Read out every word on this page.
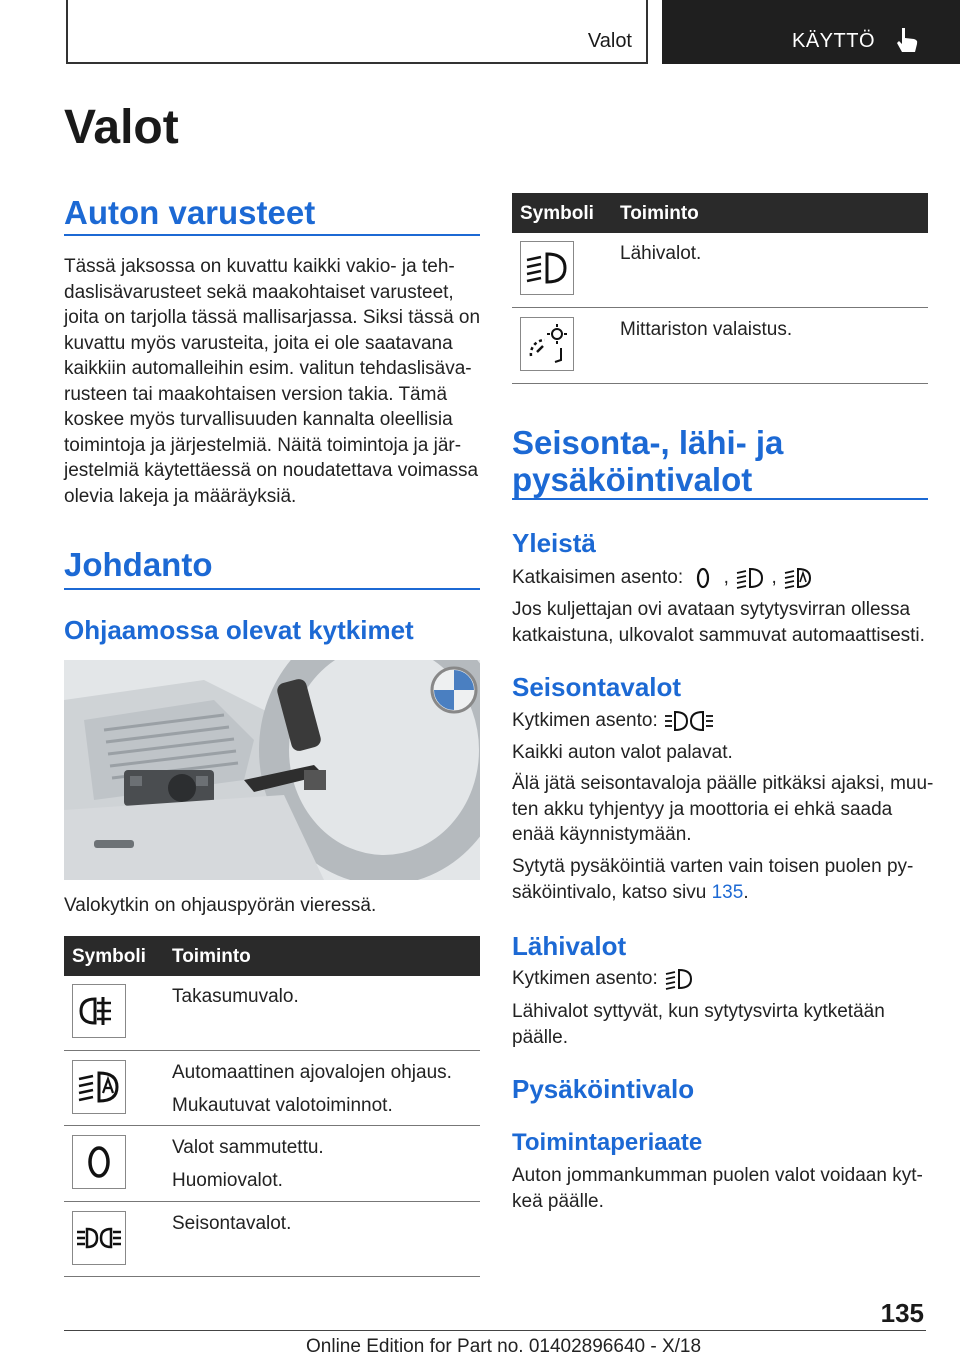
Valot	KÄYTTÖ
Valot
Auton varusteet
Tässä jaksossa on kuvattu kaikki vakio- ja teh-
daslisävarusteet sekä maakohtaiset varusteet,
joita on tarjolla tässä mallisarjassa. Siksi tässä on
kuvattu myös varusteita, joita ei ole saatavana
kaikkiin automalleihin esim. valitun tehdaslisäva-
rusteen tai maakohtaisen version takia. Tämä
koskee myös turvallisuuden kannalta oleellisia
toimintoja ja järjestelmiä. Näitä toimintoja ja jär-
jestelmiä käytettäessä on noudatettava voimassa
olevia lakeja ja määräyksiä.
Johdanto
Ohjaamossa olevat kytkimet
Valokytkin on ohjauspyörän vieressä.
Symboli Toiminto
Takasumuvalo.
Automaattinen ajovalojen ohjaus.
Mukautuvat valotoiminnot.
Valot sammutettu.
Huomiovalot.
Seisontavalot.
Symboli Toiminto
Lähivalot.
Mittariston valaistus.
Seisonta-, lähi- ja
pysäköintivalot
Yleistä
Katkaisimen asento: , ,
Jos kuljettajan ovi avataan sytytysvirran ollessa
katkaistuna, ulkovalot sammuvat automaattisesti.
Seisontavalot
Kytkimen asento:
Kaikki auton valot palavat.
Älä jätä seisontavaloja päälle pitkäksi ajaksi, muu-
ten akku tyhjentyy ja moottoria ei ehkä saada
enää käynnistymään.
Sytytä pysäköintiä varten vain toisen puolen py-
säköintivalo, katso sivu 135.
Lähivalot
Kytkimen asento:
Lähivalot syttyvät, kun sytytysvirta kytketään
päälle.
Pysäköintivalo
Toimintaperiaate
Auton jommankumman puolen valot voidaan kyt-
keä päälle.
135
Online Edition for Part no. 01402896640 - X/18
